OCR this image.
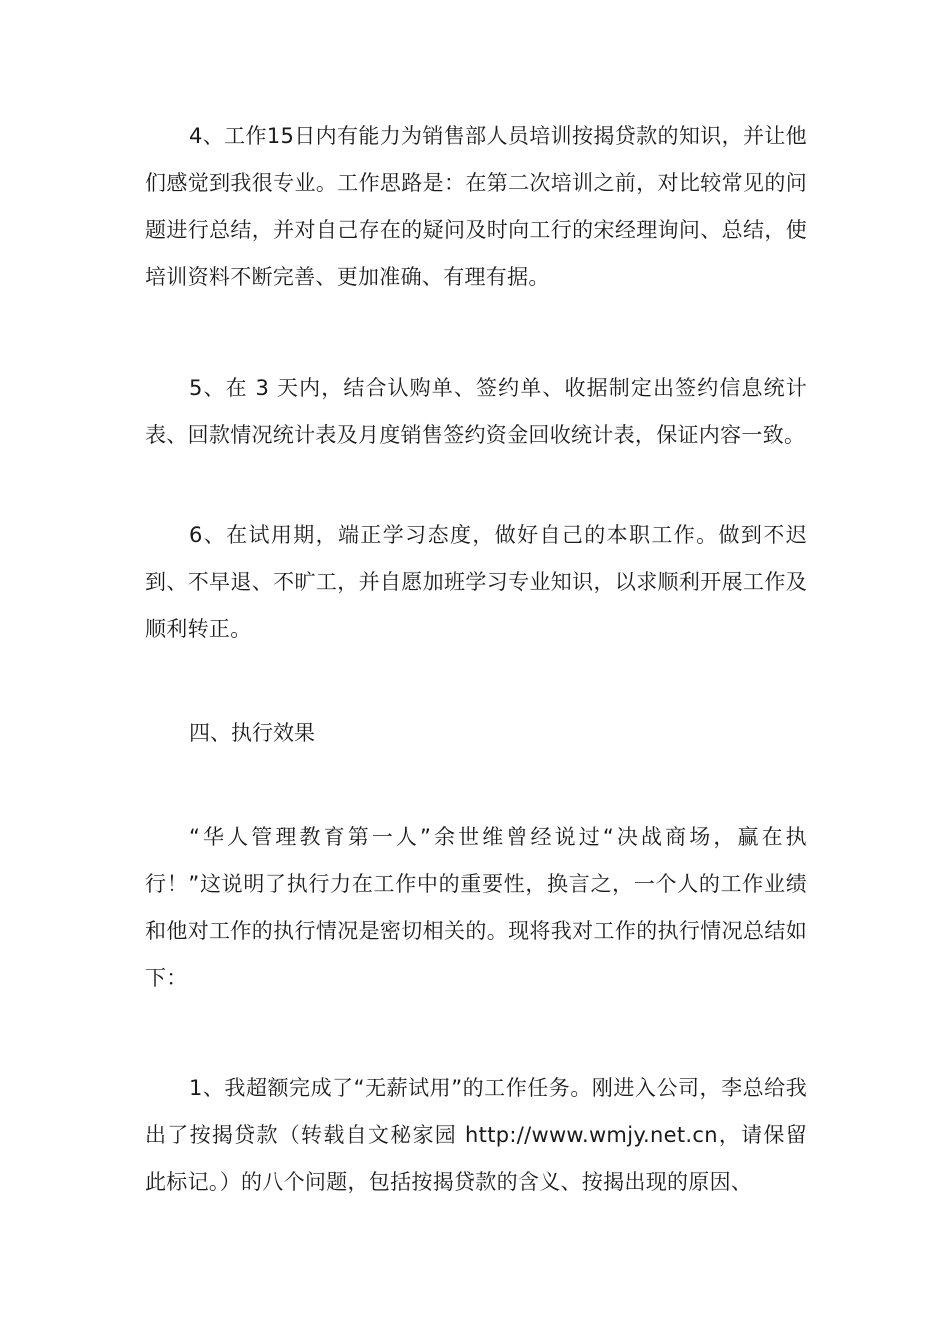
4、工作15日内有能力为销售部人员培训按揭贷款的知识，并让他们感觉到我很专业。工作思路是：在第二次培训之前，对比较常见的问题进行总结，并对自己存在的疑问及时向工行的宋经理询问、总结，使培训资料不断完善、更加准确、有理有据。

5、在 3 天内，结合认购单、签约单、收据制定出签约信息统计表、回款情况统计表及月度销售签约资金回收统计表，保证内容一致。

6、在试用期，端正学习态度，做好自己的本职工作。做到不迟到、不早退、不旷工，并自愿加班学习专业知识，以求顺利开展工作及顺利转正。

四、执行效果

“华人管理教育第一人”余世维曾经说过“决战商场，赢在执行！”这说明了执行力在工作中的重要性，换言之，一个人的工作业绩和他对工作的执行情况是密切相关的。现将我对工作的执行情况总结如下：

1、我超额完成了“无薪试用”的工作任务。刚进入公司，李总给我出了按揭贷款（转载自文秘家园 http://www.wmjy.net.cn，请保留此标记。）的八个问题，包括按揭贷款的含义、按揭出现的原因、
